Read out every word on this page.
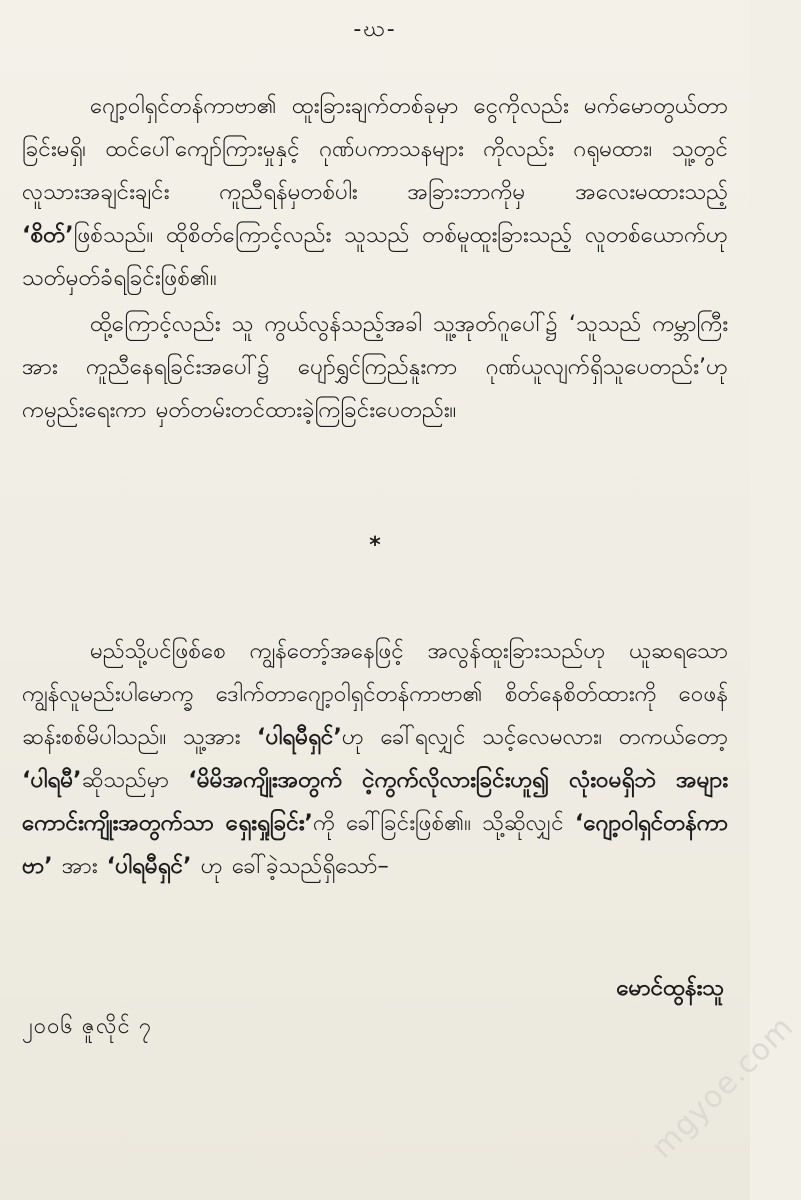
-ဃ-
ဂျော့ဝါရှင်တန်ကာဗာ၏ ထူးခြားချက်တစ်ခုမှာ ငွေကိုလည်း မက်မောတွယ်တာခြင်းမရှိ၊ ထင်ပေါ်ကျော်ကြားမှုနှင့် ဂုဏ်ပကာသနများ ကိုလည်း ဂရုမထား၊ သူ့တွင် လူသားအချင်းချင်း ကူညီရန်မှတစ်ပါး အခြားဘာကိုမှ အလေးမထားသည့် ‘စိတ်’ဖြစ်သည်။ ထိုစိတ်ကြောင့်လည်း သူသည် တစ်မူထူးခြားသည့် လူတစ်ယောက်ဟု သတ်မှတ်ခံရခြင်းဖြစ်၏။
ထို့ကြောင့်လည်း သူ ကွယ်လွန်သည့်အခါ သူ့အုတ်ဂူပေါ်၌ ‘သူသည် ကမ္ဘာကြီးအား ကူညီနေရခြင်းအပေါ်၌ ပျော်ရွှင်ကြည်နူးကာ ဂုဏ်ယူလျက်ရှိသူပေတည်း’ဟု ကမ္ပည်းရေးကာ မှတ်တမ်းတင်ထားခဲ့ကြခြင်းပေတည်း။
*
မည်သို့ပင်ဖြစ်စေ ကျွန်တော့်အနေဖြင့် အလွန်ထူးခြားသည်ဟု ယူဆရသော ကျွန်လူမည်းပါမောက္ခ ဒေါက်တာဂျော့ဝါရှင်တန်ကာဗာ၏ စိတ်နေစိတ်ထားကို ဝေဖန်ဆန်းစစ်မိပါသည်။ သူ့အား ‘ပါရမီရှင်’ဟု ခေါ်ရလျှင် သင့်လေမလား၊ တကယ်တော့ ‘ပါရမီ’ဆိုသည်မှာ ‘မိမိအကျိုးအတွက် ငဲ့ကွက်လိုလားခြင်းဟူ၍ လုံးဝမရှိဘဲ အများကောင်းကျိုးအတွက်သာ ရှေးရှုခြင်း’ကို ခေါ်ခြင်းဖြစ်၏။ သို့ဆိုလျှင် ‘ဂျော့ဝါရှင်တန်ကာဗာ’ အား ‘ပါရမီရှင်’ ဟု ခေါ်ခဲ့သည်ရှိသော်–
မောင်ထွန်းသူ
၂၀၀၆ ဇူလိုင် ၇	mgyoe.com
